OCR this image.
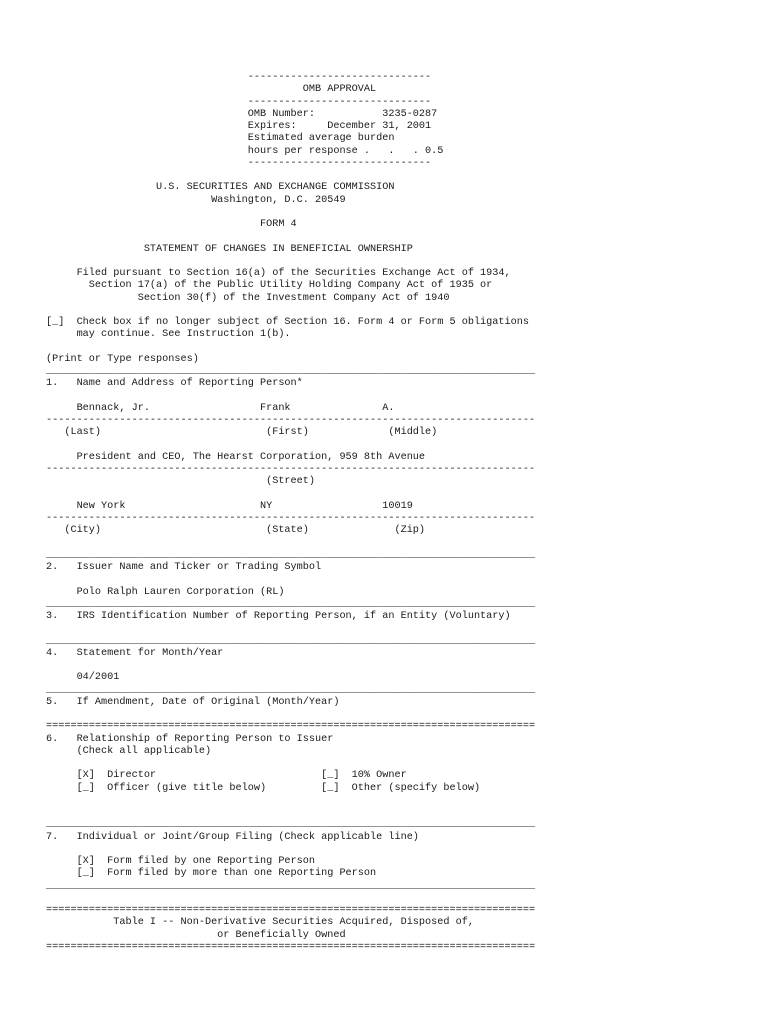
------------------------------
OMB APPROVAL
------------------------------
OMB Number:           3235-0287
Expires:     December 31, 2001
Estimated average burden
hours per response .   .   . 0.5
------------------------------

U.S. SECURITIES AND EXCHANGE COMMISSION
Washington, D.C. 20549

FORM 4

STATEMENT OF CHANGES IN BENEFICIAL OWNERSHIP

Filed pursuant to Section 16(a) of the Securities Exchange Act of 1934,
Section 17(a) of the Public Utility Holding Company Act of 1935 or
Section 30(f) of the Investment Company Act of 1940

[_]  Check box if no longer subject of Section 16. Form 4 or Form 5 obligations
may continue. See Instruction 1(b).

(Print or Type responses)
________________________________________________________________________________
1.   Name and Address of Reporting Person*

Bennack, Jr.                  Frank               A.
--------------------------------------------------------------------------------
(Last)                           (First)             (Middle)

President and CEO, The Hearst Corporation, 959 8th Avenue
--------------------------------------------------------------------------------
(Street)

New York                      NY                  10019
--------------------------------------------------------------------------------
(City)                           (State)              (Zip)

________________________________________________________________________________
2.   Issuer Name and Ticker or Trading Symbol

Polo Ralph Lauren Corporation (RL)
________________________________________________________________________________
3.   IRS Identification Number of Reporting Person, if an Entity (Voluntary)

________________________________________________________________________________
4.   Statement for Month/Year

04/2001
________________________________________________________________________________
5.   If Amendment, Date of Original (Month/Year)

================================================================================
6.   Relationship of Reporting Person to Issuer
(Check all applicable)

[X]  Director                           [_]  10% Owner
[_]  Officer (give title below)         [_]  Other (specify below)

________________________________________________________________________________
7.   Individual or Joint/Group Filing (Check applicable line)

[X]  Form filed by one Reporting Person
[_]  Form filed by more than one Reporting Person
________________________________________________________________________________

================================================================================
Table I -- Non-Derivative Securities Acquired, Disposed of,
or Beneficially Owned
================================================================================
